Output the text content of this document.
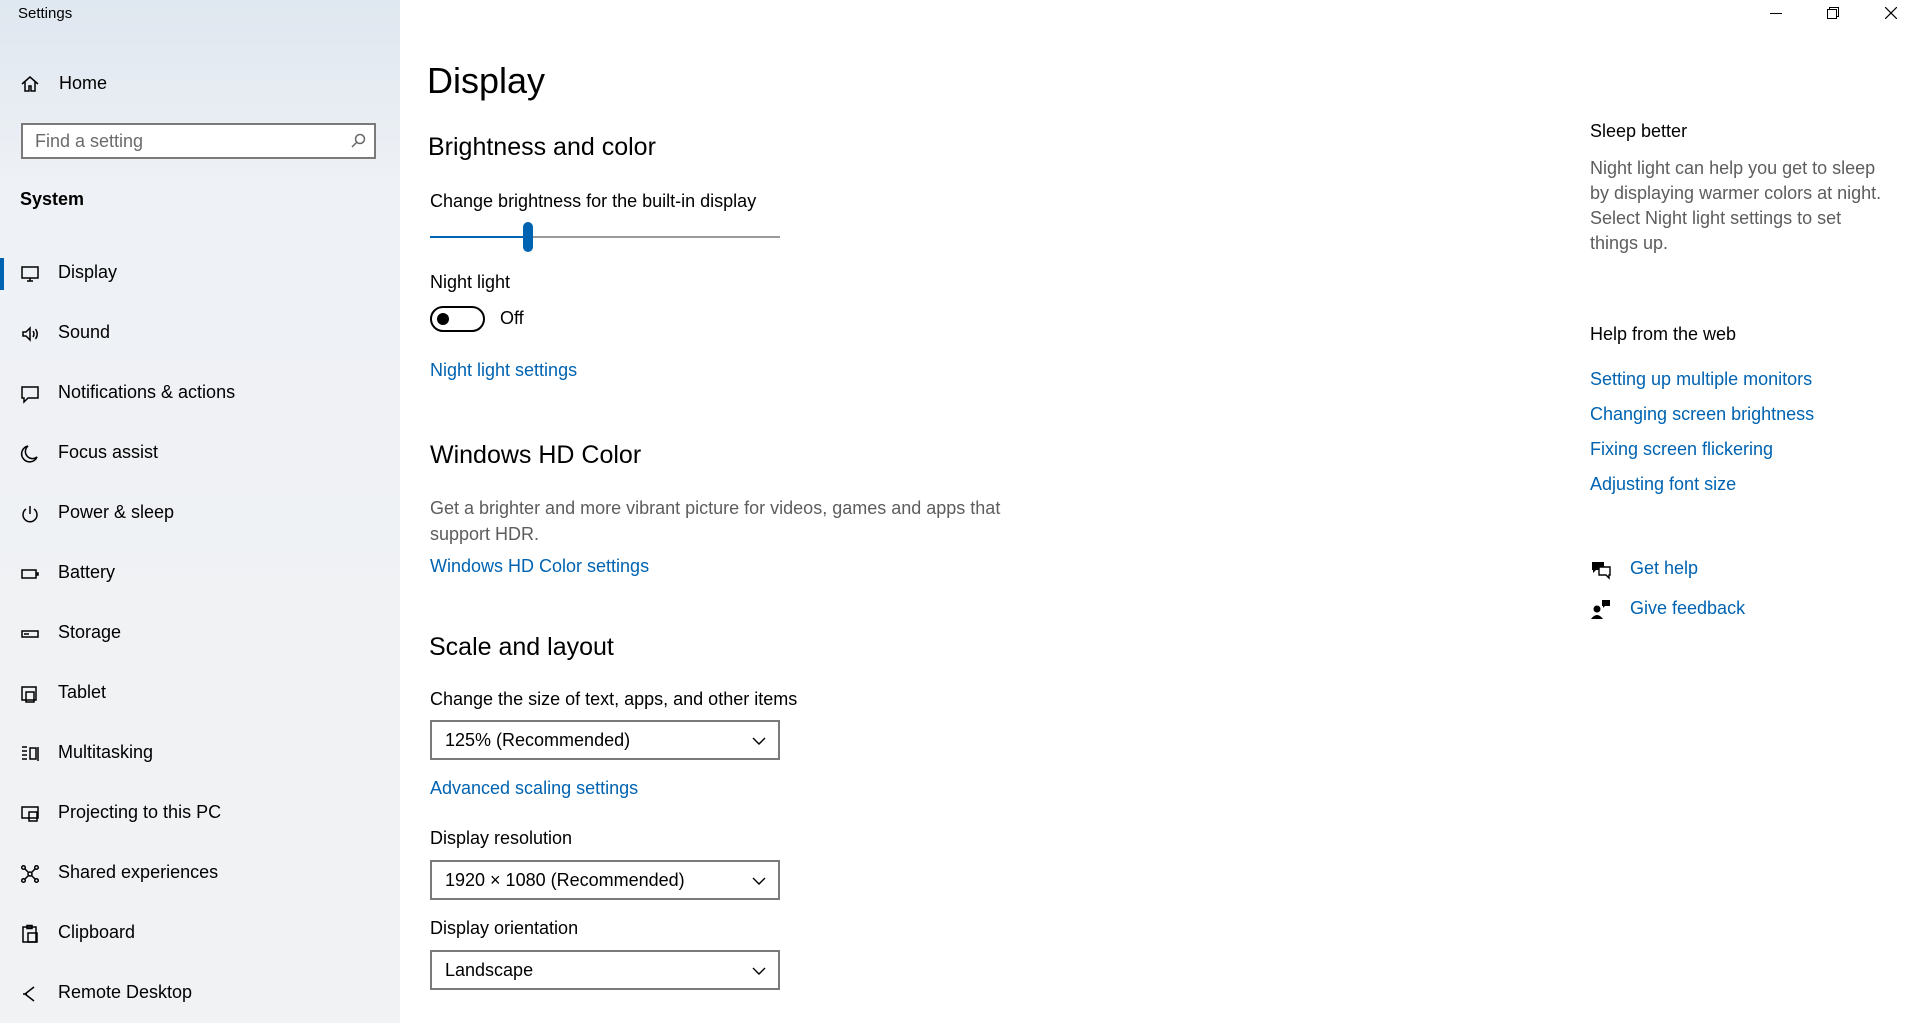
Settings
Home
Find a setting
System
Display
Sound
Notifications & actions
Focus assist
Power & sleep
Battery
Storage
Tablet
Multitasking
Projecting to this PC
Shared experiences
Clipboard
Remote Desktop
Display
Brightness and color
Change brightness for the built-in display
Night light
Off
Night light settings
Windows HD Color
Get a brighter and more vibrant picture for videos, games and apps that support HDR.
Windows HD Color settings
Scale and layout
Change the size of text, apps, and other items
125% (Recommended)
Advanced scaling settings
Display resolution
1920 × 1080 (Recommended)
Display orientation
Landscape
Sleep better
Night light can help you get to sleep by displaying warmer colors at night. Select Night light settings to set things up.
Help from the web
Setting up multiple monitors
Changing screen brightness
Fixing screen flickering
Adjusting font size
Get help
Give feedback
